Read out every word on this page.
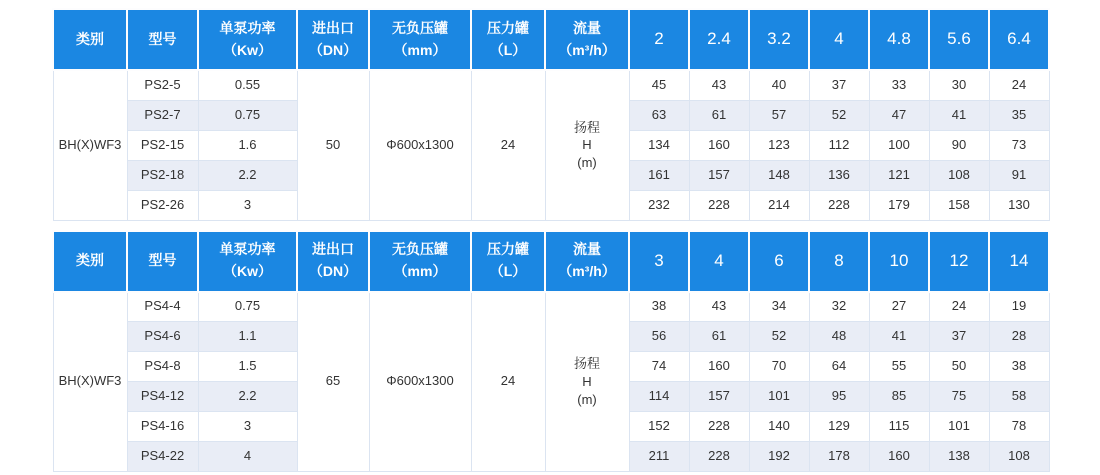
类别	型号	单泵功率
（Kw）	进出口
（DN）	无负压罐
（mm）	压力罐
（L）	流量
（m³/h）	2	2.4	3.2	4	4.8	5.6	6.4
BH(X)WF3	PS2-5	0.55	50	Φ600x1300	24	扬程
H
(m)	45	43	40	37	33	30	24
	PS2-7	0.75					63	61	57	52	47	41	35
	PS2-15	1.6					134	160	123	112	100	90	73
	PS2-18	2.2					161	157	148	136	121	108	91
	PS2-26	3					232	228	214	228	179	158	130
类别	型号	单泵功率
（Kw）	进出口
（DN）	无负压罐
（mm）	压力罐
（L）	流量
（m³/h）	3	4	6	8	10	12	14
BH(X)WF3	PS4-4	0.75	65	Φ600x1300	24	扬程
H
(m)	38	43	34	32	27	24	19
	PS4-6	1.1					56	61	52	48	41	37	28
	PS4-8	1.5					74	160	70	64	55	50	38
	PS4-12	2.2					114	157	101	95	85	75	58
	PS4-16	3					152	228	140	129	115	101	78
	PS4-22	4					211	228	192	178	160	138	108
